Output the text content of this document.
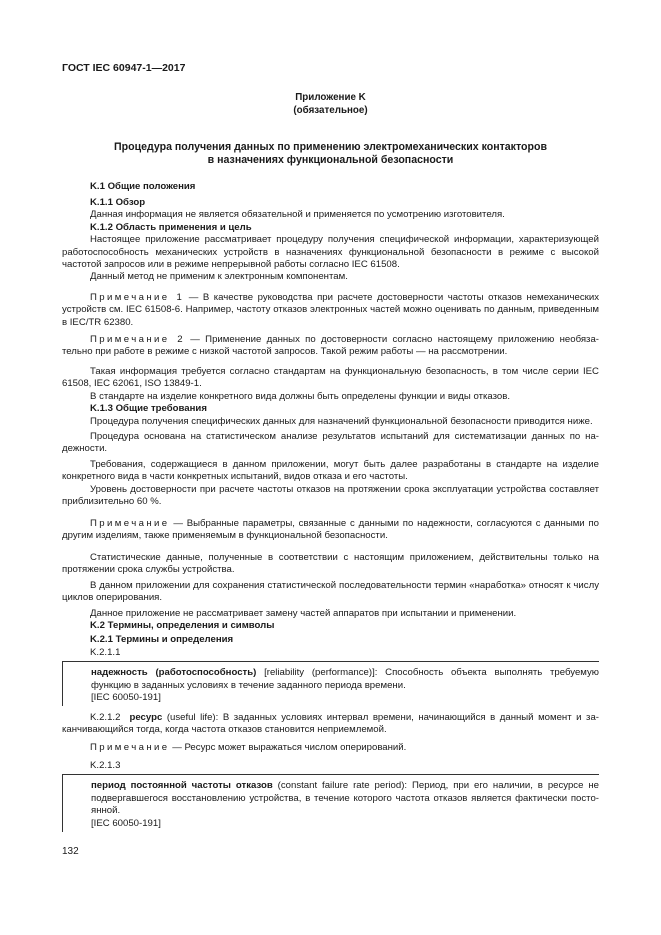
ГОСТ IEC 60947-1—2017
Приложение K
(обязательное)
Процедура получения данных по применению электромеханических контакторов
в назначениях функциональной безопасности

K.1 Общие положения

K.1.1 Обзор

Данная информация не является обязательной и применяется по усмотрению изготовителя.

K.1.2 Область применения и цель

Настоящее приложение рассматривает процедуру получения специфической информации, характеризующей работоспособность механических устройств в назначениях функциональной безопасности в режиме с высокой частотой запросов или в режиме непрерывной работы согласно IEC 61508.

Данный метод не применим к электронным компонентам.

Примечание 1 — В качестве руководства при расчете достоверности частоты отказов немеханических устройств см. IEC 61508-6. Например, частоту отказов электронных частей можно оценивать по данным, приведенным в IEC/TR 62380.

Примечание 2 — Применение данных по достоверности согласно настоящему приложению необязательно при работе в режиме с низкой частотой запросов. Такой режим работы — на рассмотрении.

Такая информация требуется согласно стандартам на функциональную безопасность, в том числе серии IEC 61508, IEC 62061, ISO 13849-1.

В стандарте на изделие конкретного вида должны быть определены функции и виды отказов.

K.1.3 Общие требования

Процедура получения специфических данных для назначений функциональной безопасности приводится ниже.

Процедура основана на статистическом анализе результатов испытаний для систематизации данных по надежности.

Требования, содержащиеся в данном приложении, могут быть далее разработаны в стандарте на изделие конкретного вида в части конкретных испытаний, видов отказа и его частоты.

Уровень достоверности при расчете частоты отказов на протяжении срока эксплуатации устройства составляет приблизительно 60 %.

Примечание — Выбранные параметры, связанные с данными по надежности, согласуются с данными по другим изделиям, также применяемым в функциональной безопасности.

Статистические данные, полученные в соответствии с настоящим приложением, действительны только на протяжении срока службы устройства.

В данном приложении для сохранения статистической последовательности термин «наработка» относят к числу циклов оперирования.

Данное приложение не рассматривает замену частей аппаратов при испытании и применении.

K.2 Термины, определения и символы

K.2.1 Термины и определения

K.2.1.1

надежность (работоспособность) [reliability (performance)]: Способность объекта выполнять требуемую функцию в заданных условиях в течение заданного периода времени.

[IEC 60050-191]

K.2.1.2 ресурс (useful life): В заданных условиях интервал времени, начинающийся в данный момент и заканчивающийся тогда, когда частота отказов становится неприемлемой.

Примечание — Ресурс может выражаться числом оперирований.

K.2.1.3

период постоянной частоты отказов (constant failure rate period): Период, при его наличии, в ресурсе не подвергавшегося восстановлению устройства, в течение которого частота отказов является фактически постоянной.

[IEC 60050-191]

132
